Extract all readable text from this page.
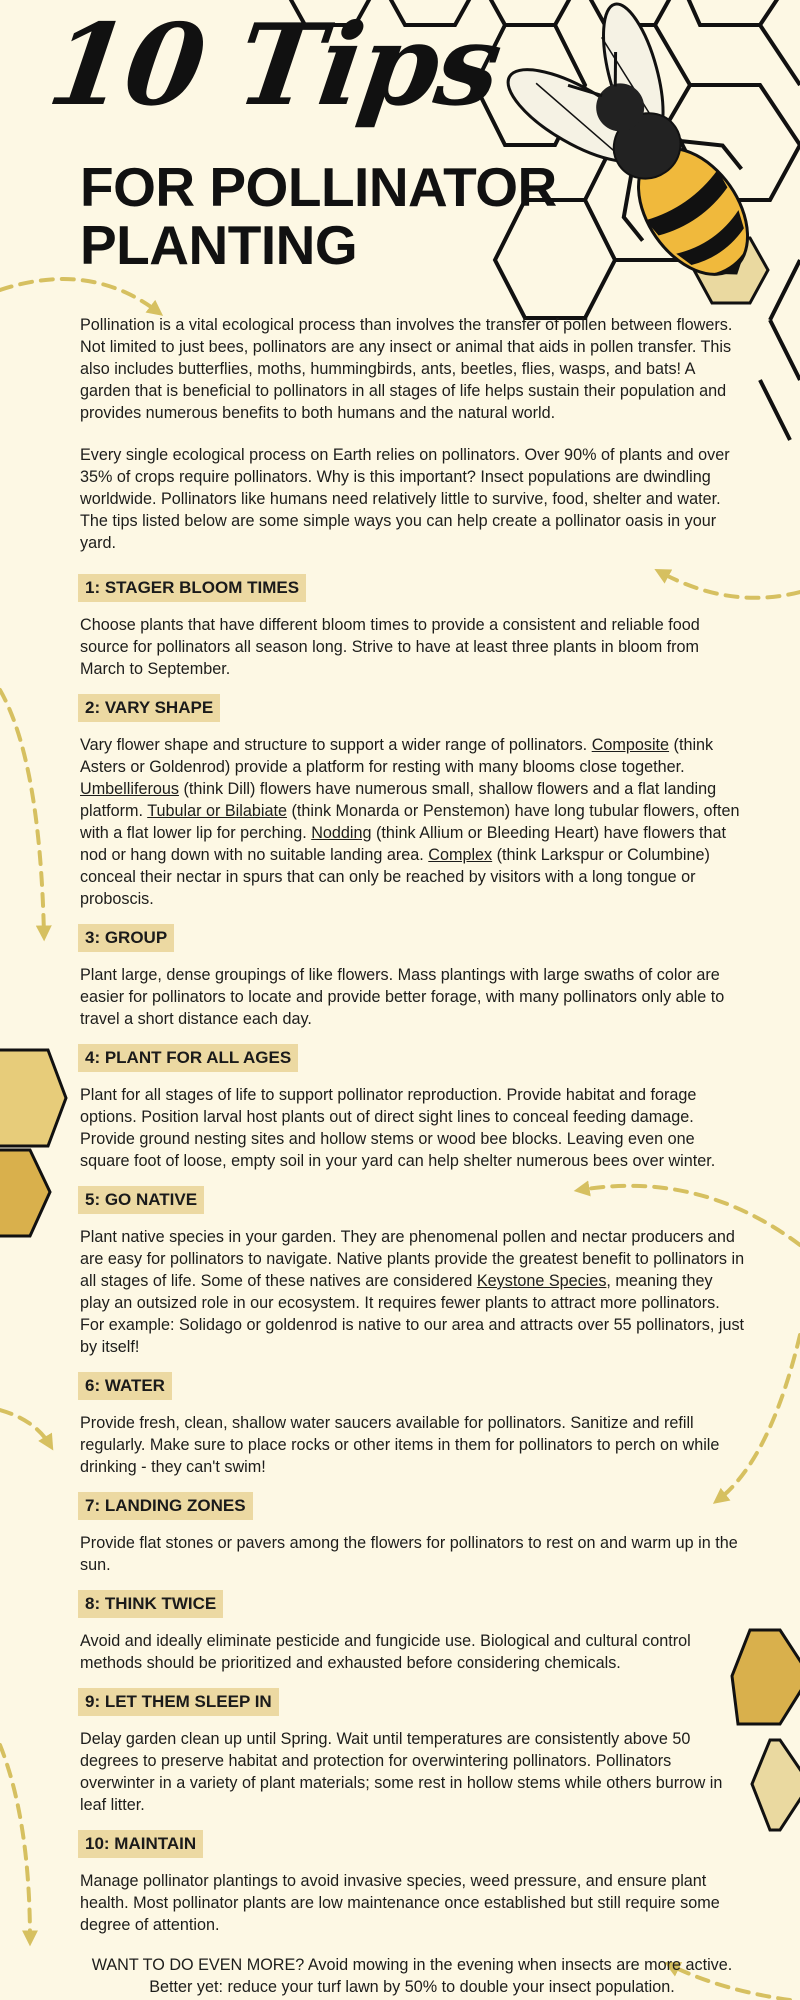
10 Tips
FOR POLLINATOR
PLANTING

Pollination is a vital ecological process than involves the transfer of pollen between flowers. Not limited to just bees, pollinators are any insect or animal that aids in pollen transfer. This also includes butterflies, moths, hummingbirds, ants, beetles, flies, wasps, and bats! A garden that is beneficial to pollinators in all stages of life helps sustain their population and provides numerous benefits to both humans and the natural world.

Every single ecological process on Earth relies on pollinators. Over 90% of plants and over 35% of crops require pollinators. Why is this important? Insect populations are dwindling worldwide. Pollinators like humans need relatively little to survive, food, shelter and water. The tips listed below are some simple ways you can help create a pollinator oasis in your yard.

1: STAGER BLOOM TIMES

Choose plants that have different bloom times to provide a consistent and reliable food source for pollinators all season long. Strive to have at least three plants in bloom from March to September.

2: VARY SHAPE

Vary flower shape and structure to support a wider range of pollinators. Composite (think Asters or Goldenrod) provide a platform for resting with many blooms close together. Umbelliferous (think Dill) flowers have numerous small, shallow flowers and a flat landing platform. Tubular or Bilabiate (think Monarda or Penstemon) have long tubular flowers, often with a flat lower lip for perching. Nodding (think Allium or Bleeding Heart) have flowers that nod or hang down with no suitable landing area. Complex (think Larkspur or Columbine) conceal their nectar in spurs that can only be reached by visitors with a long tongue or proboscis.

3: GROUP

Plant large, dense groupings of like flowers. Mass plantings with large swaths of color are easier for pollinators to locate and provide better forage, with many pollinators only able to travel a short distance each day.

4: PLANT FOR ALL AGES

Plant for all stages of life to support pollinator reproduction. Provide habitat and forage options. Position larval host plants out of direct sight lines to conceal feeding damage. Provide ground nesting sites and hollow stems or wood bee blocks. Leaving even one square foot of loose, empty soil in your yard can help shelter numerous bees over winter.

5: GO NATIVE

Plant native species in your garden. They are phenomenal pollen and nectar producers and are easy for pollinators to navigate. Native plants provide the greatest benefit to pollinators in all stages of life. Some of these natives are considered Keystone Species, meaning they play an outsized role in our ecosystem. It requires fewer plants to attract more pollinators. For example: Solidago or goldenrod is native to our area and attracts over 55 pollinators, just by itself!

6: WATER

Provide fresh, clean, shallow water saucers available for pollinators. Sanitize and refill regularly. Make sure to place rocks or other items in them for pollinators to perch on while drinking - they can't swim!

7: LANDING ZONES

Provide flat stones or pavers among the flowers for pollinators to rest on and warm up in the sun.

8: THINK TWICE

Avoid and ideally eliminate pesticide and fungicide use. Biological and cultural control methods should be prioritized and exhausted before considering chemicals.

9: LET THEM SLEEP IN

Delay garden clean up until Spring. Wait until temperatures are consistently above 50 degrees to preserve habitat and protection for overwintering pollinators. Pollinators overwinter in a variety of plant materials; some rest in hollow stems while others burrow in leaf litter.

10: MAINTAIN

Manage pollinator plantings to avoid invasive species, weed pressure, and ensure plant health. Most pollinator plants are low maintenance once established but still require some degree of attention.

WANT TO DO EVEN MORE? Avoid mowing in the evening when insects are more active. Better yet: reduce your turf lawn by 50% to double your insect population.
